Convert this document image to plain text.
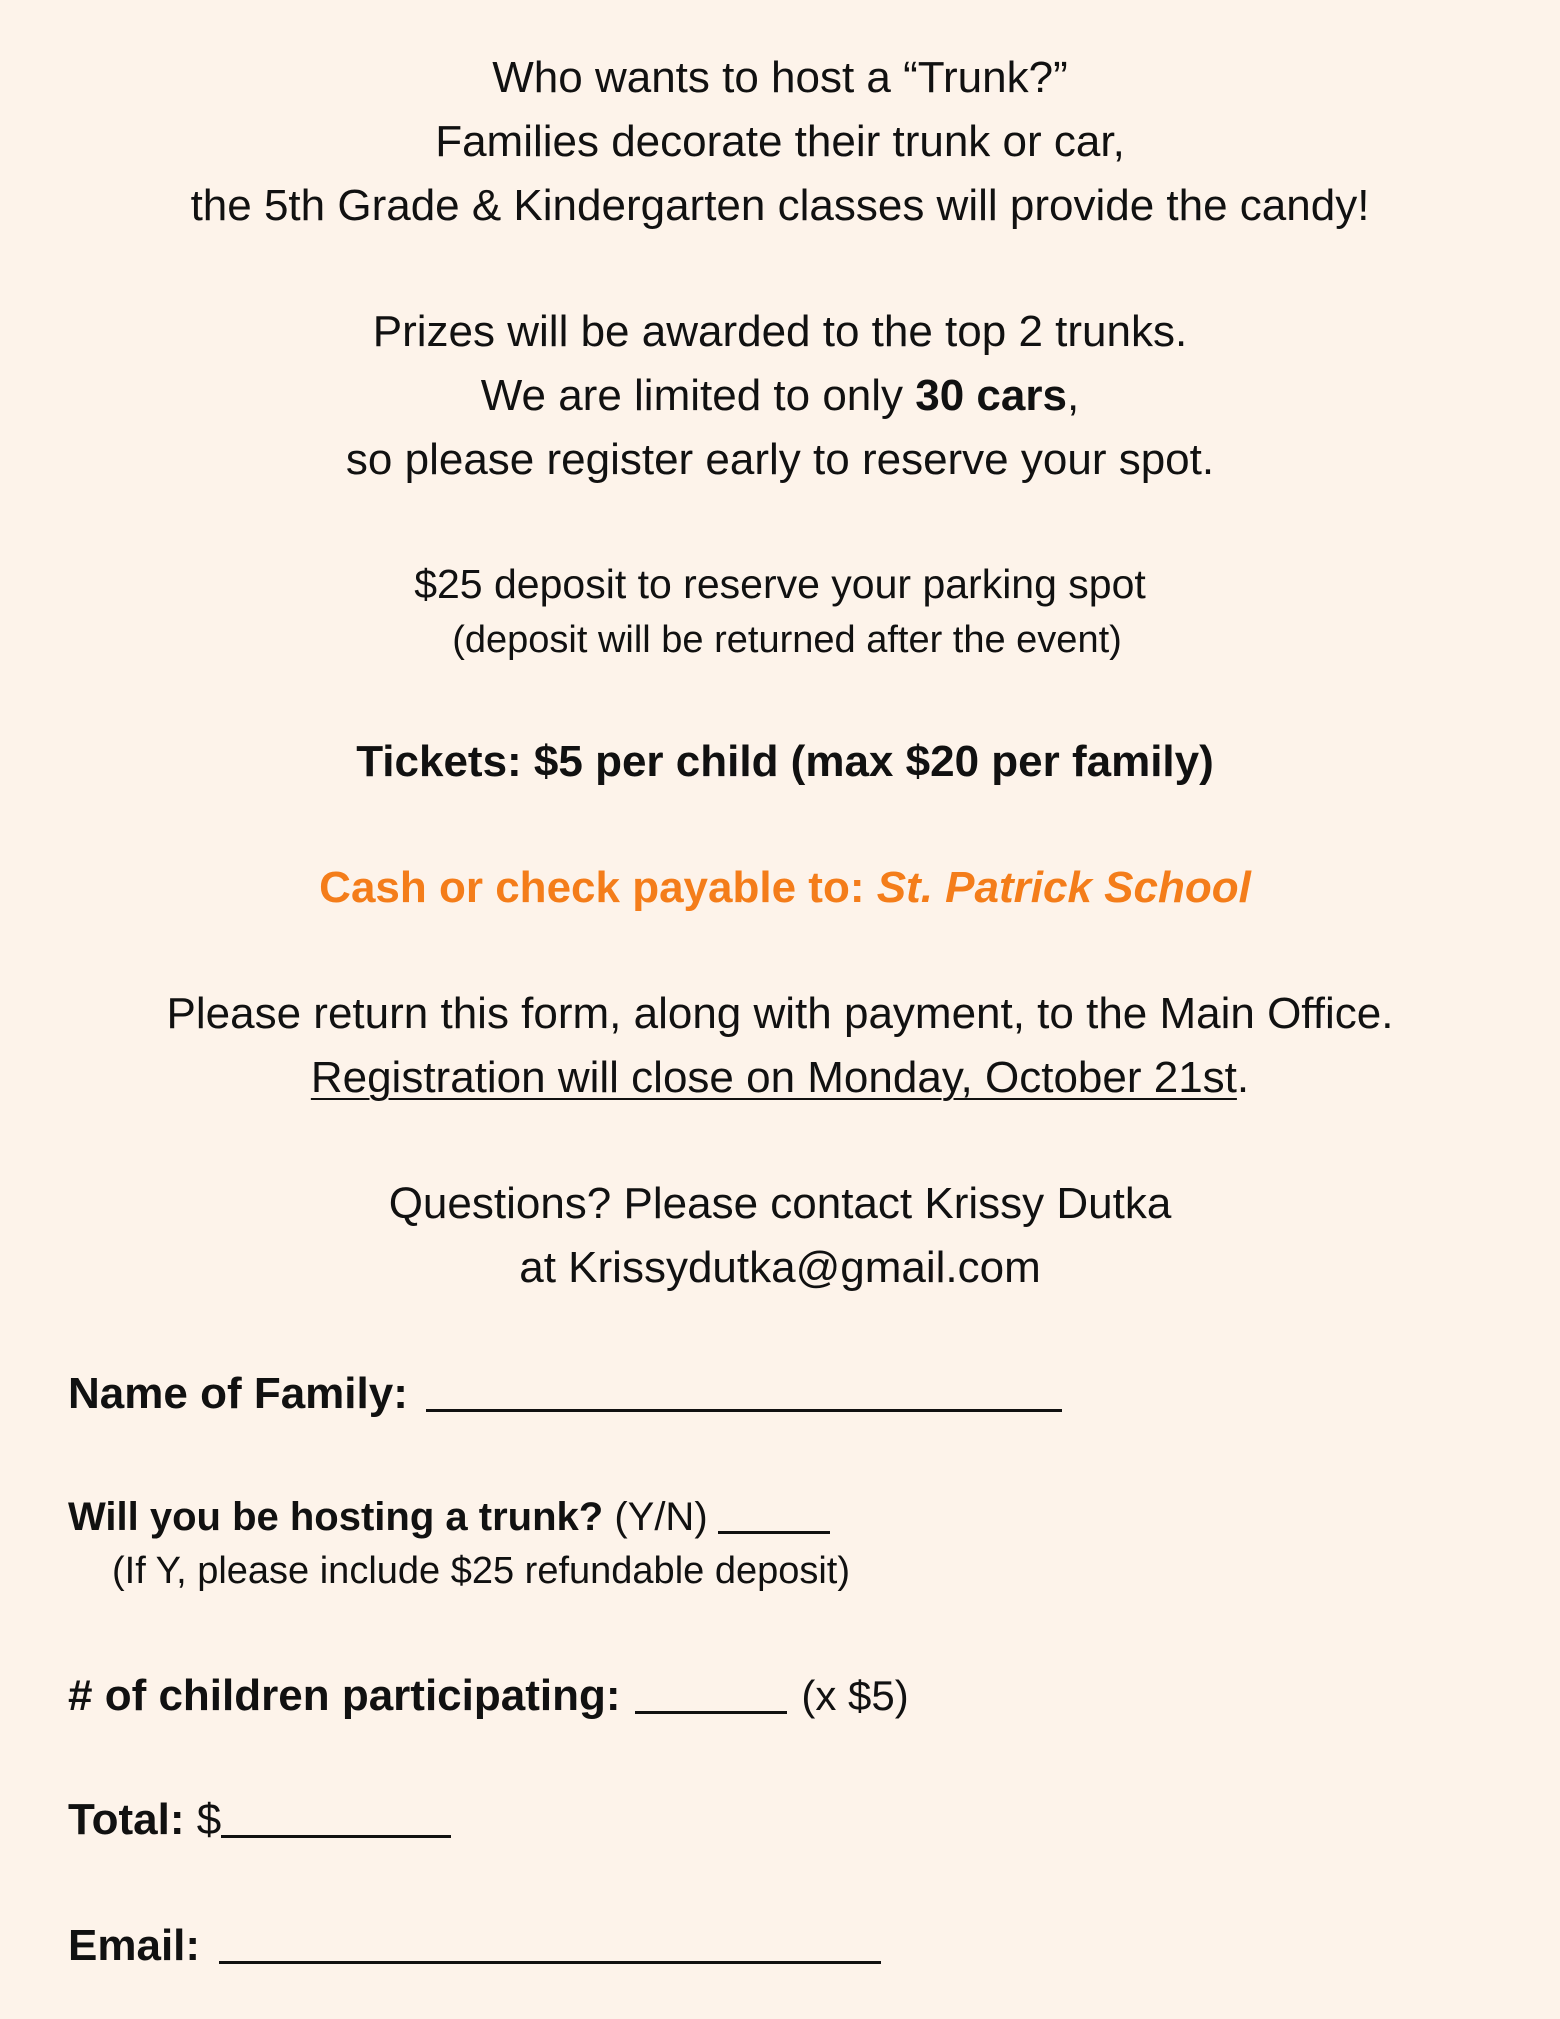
Who wants to host a “Trunk?”
Families decorate their trunk or car,
the 5th Grade & Kindergarten classes will provide the candy!
Prizes will be awarded to the top 2 trunks.
We are limited to only 30 cars,
so please register early to reserve your spot.
$25 deposit to reserve your parking spot
(deposit will be returned after the event)
Tickets: $5 per child (max $20 per family)
Cash or check payable to: St. Patrick School
Please return this form, along with payment, to the Main Office.
Registration will close on Monday, October 21st.
Questions? Please contact Krissy Dutka
at Krissydutka@gmail.com
Name of Family:
Will you be hosting a trunk? (Y/N)
(If Y, please include $25 refundable deposit)
# of children participating:	(x $5)
Total: $
Email:
